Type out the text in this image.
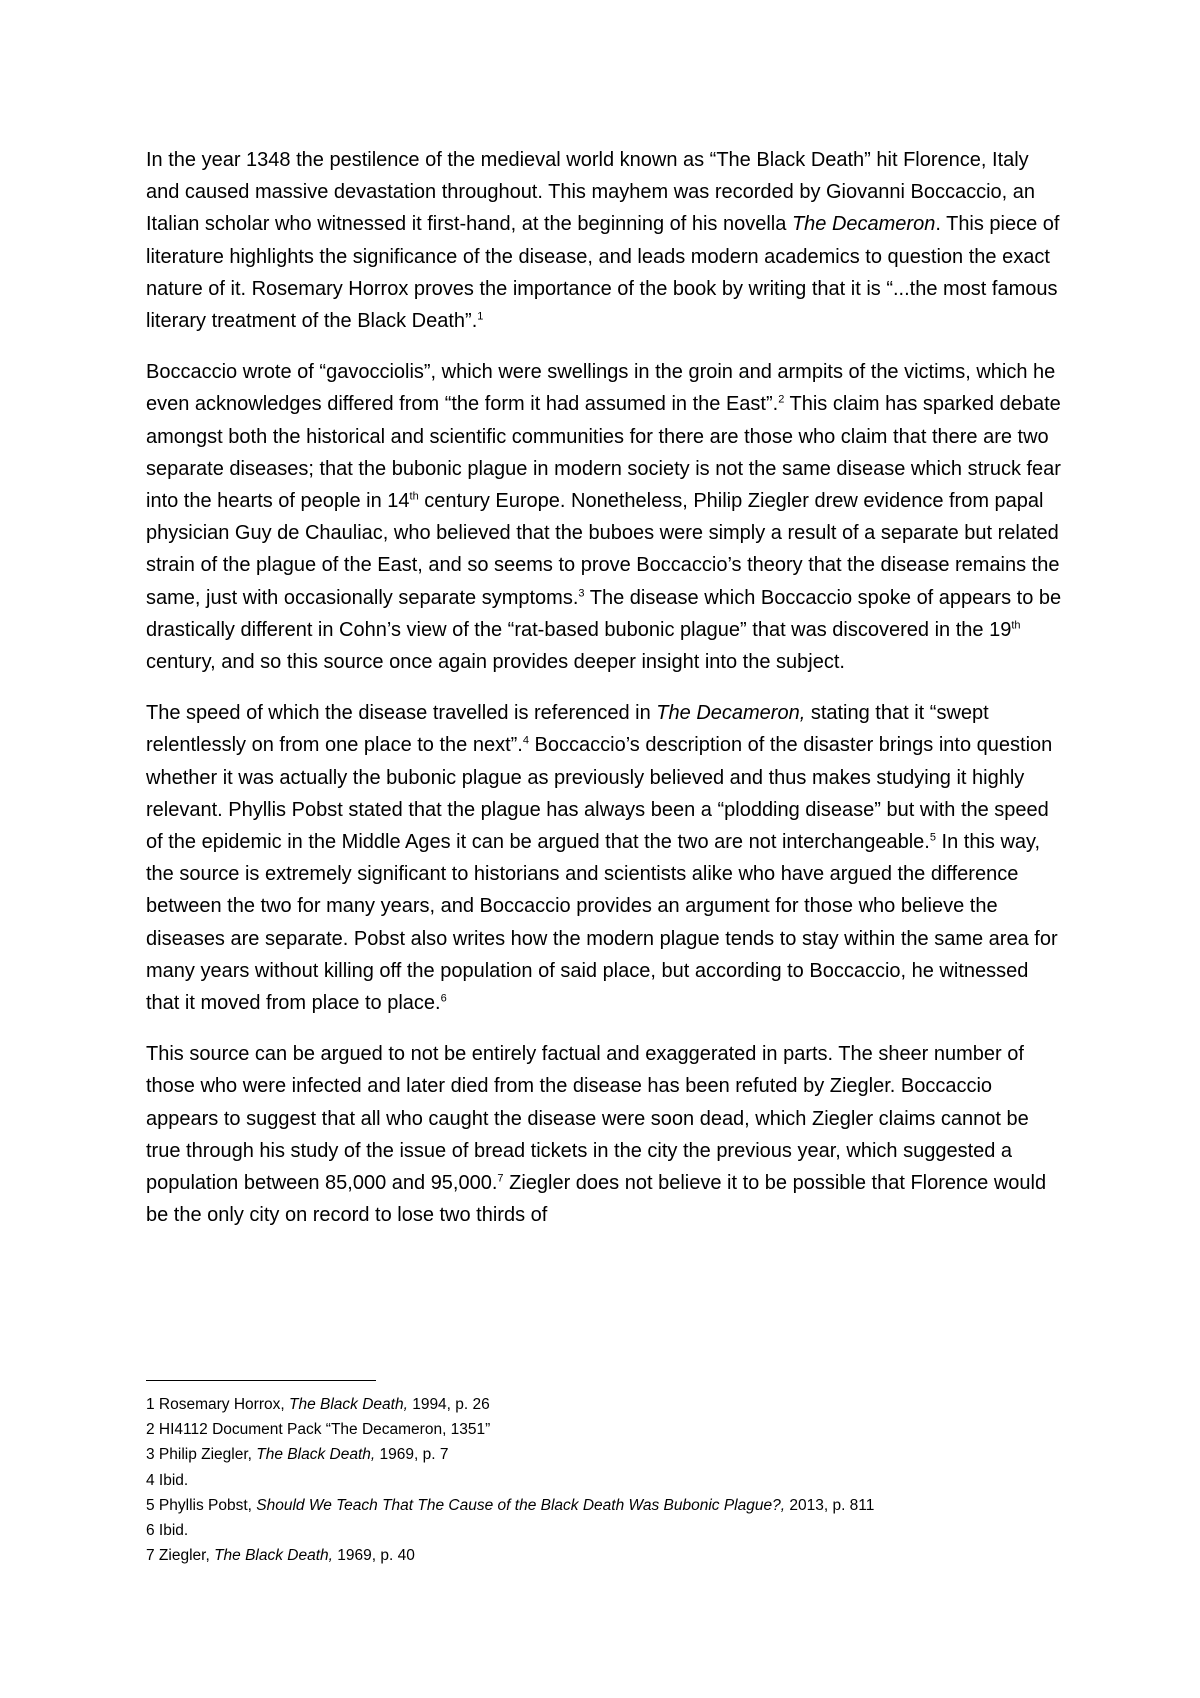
In the year 1348 the pestilence of the medieval world known as “The Black Death” hit Florence, Italy and caused massive devastation throughout. This mayhem was recorded by Giovanni Boccaccio, an Italian scholar who witnessed it first-hand, at the beginning of his novella The Decameron. This piece of literature highlights the significance of the disease, and leads modern academics to question the exact nature of it. Rosemary Horrox proves the importance of the book by writing that it is “...the most famous literary treatment of the Black Death”.$^1$

Boccaccio wrote of “gavocciolis”, which were swellings in the groin and armpits of the victims, which he even acknowledges differed from “the form it had assumed in the East”.$^2$ This claim has sparked debate amongst both the historical and scientific communities for there are those who claim that there are two separate diseases; that the bubonic plague in modern society is not the same disease which struck fear into the hearts of people in 14th century Europe. Nonetheless, Philip Ziegler drew evidence from papal physician Guy de Chauliac, who believed that the buboes were simply a result of a separate but related strain of the plague of the East, and so seems to prove Boccaccio’s theory that the disease remains the same, just with occasionally separate symptoms.$^3$ The disease which Boccaccio spoke of appears to be drastically different in Cohn’s view of the “rat-based bubonic plague” that was discovered in the 19th century, and so this source once again provides deeper insight into the subject.

The speed of which the disease travelled is referenced in The Decameron, stating that it “swept relentlessly on from one place to the next”.$^4$ Boccaccio’s description of the disaster brings into question whether it was actually the bubonic plague as previously believed and thus makes studying it highly relevant. Phyllis Pobst stated that the plague has always been a “plodding disease” but with the speed of the epidemic in the Middle Ages it can be argued that the two are not interchangeable.$^5$ In this way, the source is extremely significant to historians and scientists alike who have argued the difference between the two for many years, and Boccaccio provides an argument for those who believe the diseases are separate. Pobst also writes how the modern plague tends to stay within the same area for many years without killing off the population of said place, but according to Boccaccio, he witnessed that it moved from place to place.$^6$

This source can be argued to not be entirely factual and exaggerated in parts. The sheer number of those who were infected and later died from the disease has been refuted by Ziegler. Boccaccio appears to suggest that all who caught the disease were soon dead, which Ziegler claims cannot be true through his study of the issue of bread tickets in the city the previous year, which suggested a population between 85,000 and 95,000.$^7$ Ziegler does not believe it to be possible that Florence would be the only city on record to lose two thirds of

1 Rosemary Horrox, The Black Death, 1994, p. 26

2 HI4112 Document Pack “The Decameron, 1351”

3 Philip Ziegler, The Black Death, 1969, p. 7

4 Ibid.

5 Phyllis Pobst, Should We Teach That The Cause of the Black Death Was Bubonic Plague?, 2013, p. 811

6 Ibid.

7 Ziegler, The Black Death, 1969, p. 40
